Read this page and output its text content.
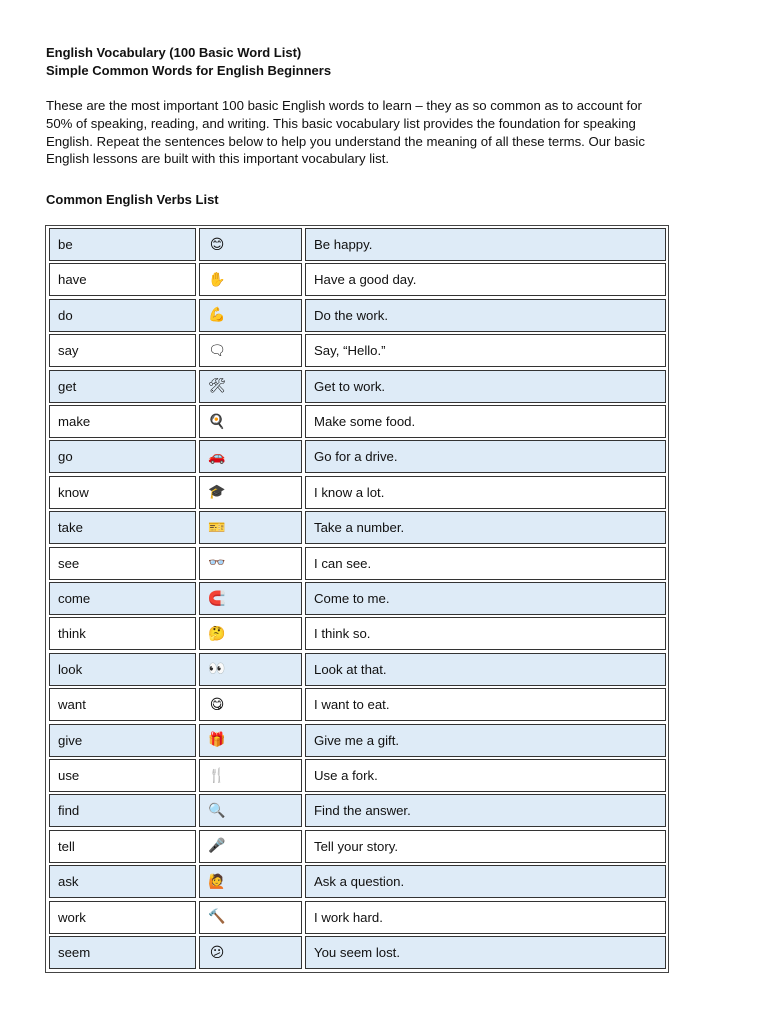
English Vocabulary (100 Basic Word List)
Simple Common Words for English Beginners
These are the most important 100 basic English words to learn – they as so common as to account for
50% of speaking, reading, and writing. This basic vocabulary list provides the foundation for speaking
English. Repeat the sentences below to help you understand the meaning of all these terms. Our basic
English lessons are built with this important vocabulary list.
Common English Verbs List
be	😊	Be happy.
have	✋	Have a good day.
do	💪	Do the work.
say	🗨	Say, “Hello.”
get	🛠	Get to work.
make	🍳	Make some food.
go	🚗	Go for a drive.
know	🎓	I know a lot.
take	🎫	Take a number.
see	👓	I can see.
come	🧲	Come to me.
think	🤔	I think so.
look	👀	Look at that.
want	😋	I want to eat.
give	🎁	Give me a gift.
use	🍴	Use a fork.
find	🔍	Find the answer.
tell	🎤	Tell your story.
ask	🙋	Ask a question.
work	🔨	I work hard.
seem	😕	You seem lost.
